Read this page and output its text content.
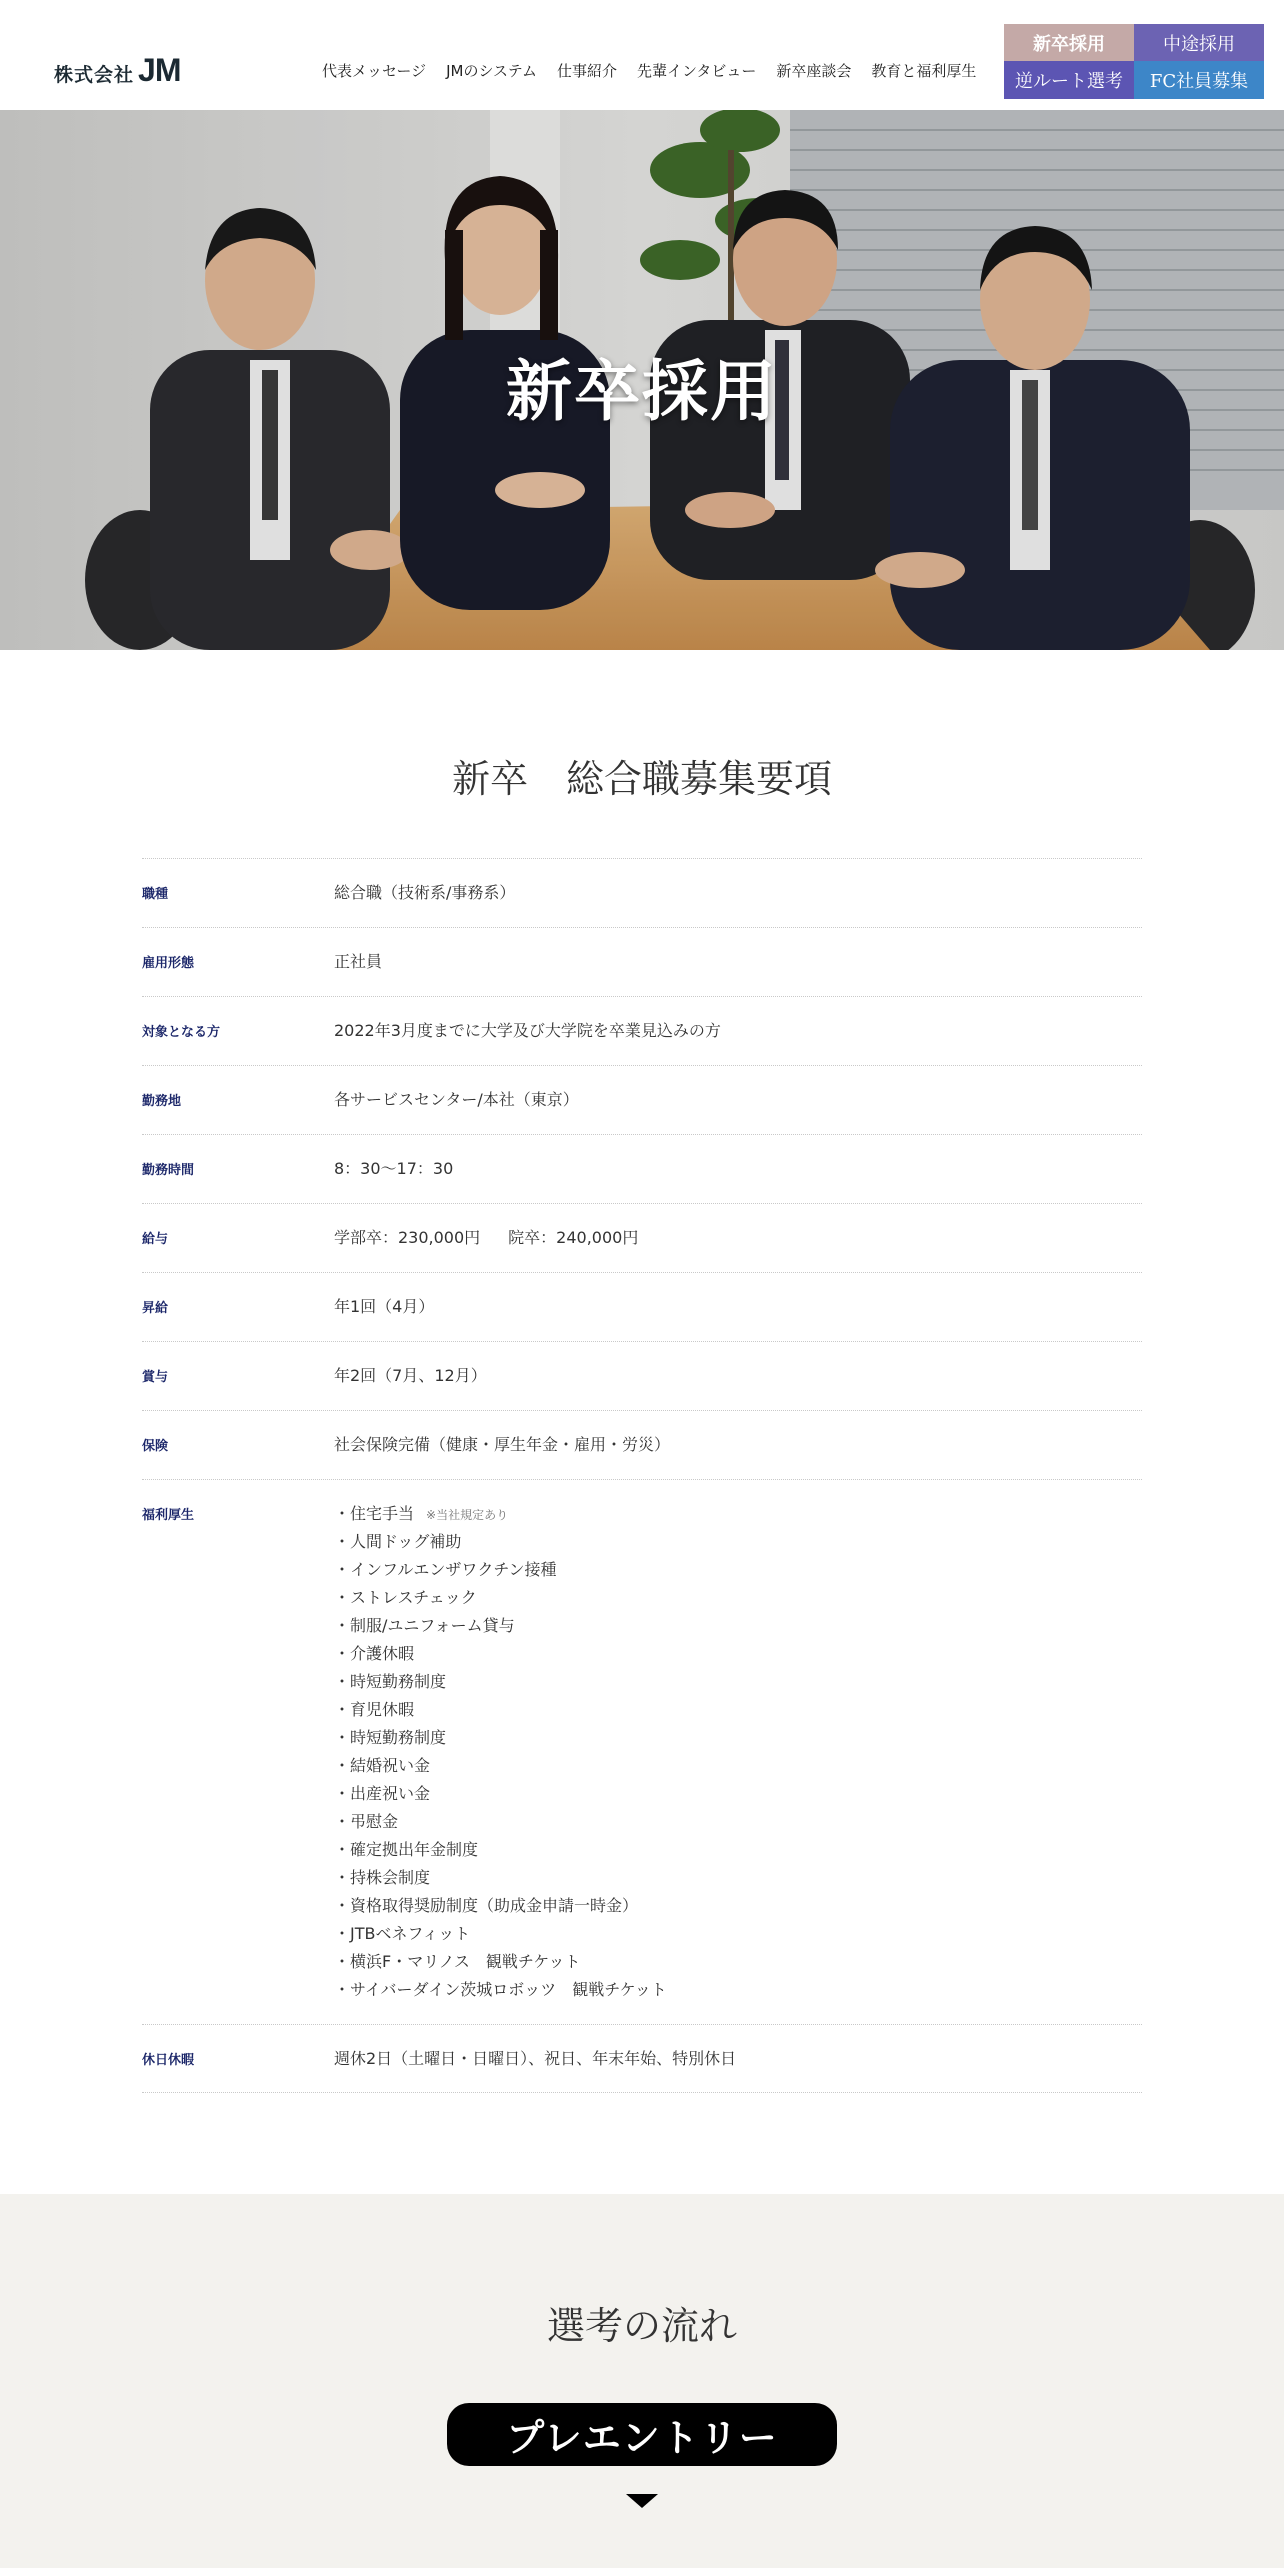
株式会社 JM	代表メッセージ JMのシステム 仕事紹介 先輩インタビュー 新卒座談会 教育と福利厚生
新卒採用	中途採用
逆ルート選考	FC社員募集
新卒採用
新卒　総合職募集要項
職種	総合職（技術系/事務系）
雇用形態	正社員
対象となる方	2022年3月度までに大学及び大学院を卒業見込みの方
勤務地	各サービスセンター/本社（東京）
勤務時間	8：30～17：30
給与	学部卒：230,000円 院卒：240,000円
昇給	年1回（4月）
賞与	年2回（7月、12月）
保険	社会保険完備（健康・厚生年金・雇用・労災）
福利厚生	・住宅手当 ※当社規定あり
・人間ドッグ補助
・インフルエンザワクチン接種
・ストレスチェック
・制服/ユニフォーム貸与
・介護休暇
・時短勤務制度
・育児休暇
・時短勤務制度
・結婚祝い金
・出産祝い金
・弔慰金
・確定拠出年金制度
・持株会制度
・資格取得奨励制度（助成金申請一時金）
・JTBベネフィット
・横浜F・マリノス　観戦チケット
・サイバーダイン茨城ロボッツ　観戦チケット
休日休暇	週休2日（土曜日・日曜日）、祝日、年末年始、特別休日
選考の流れ
プレエントリー
